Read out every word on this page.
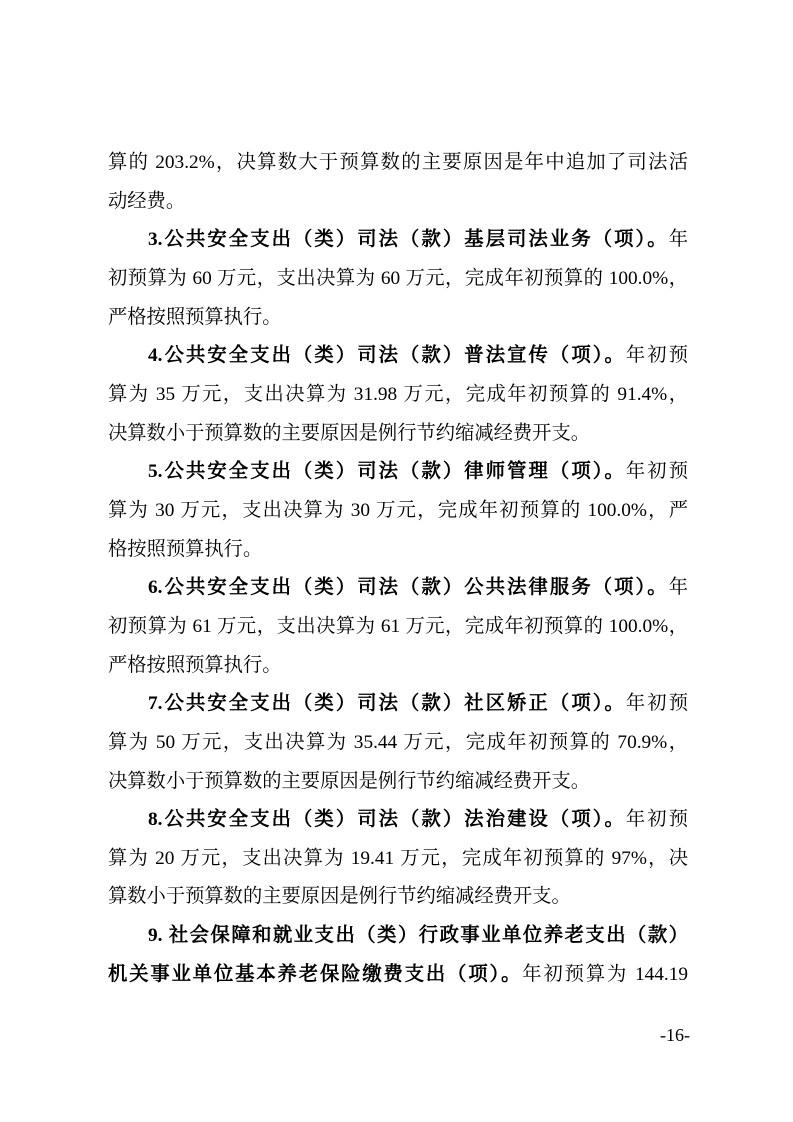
算的 203.2%，决算数大于预算数的主要原因是年中追加了司法活
动经费。
3.公共安全支出（类）司法（款）基层司法业务（项）。年
初预算为 60 万元，支出决算为 60 万元，完成年初预算的 100.0%，
严格按照预算执行。
4.公共安全支出（类）司法（款）普法宣传（项）。年初预
算为 35 万元，支出决算为 31.98 万元，完成年初预算的 91.4%，
决算数小于预算数的主要原因是例行节约缩减经费开支。
5.公共安全支出（类）司法（款）律师管理（项）。年初预
算为 30 万元，支出决算为 30 万元，完成年初预算的 100.0%，严
格按照预算执行。
6.公共安全支出（类）司法（款）公共法律服务（项）。年
初预算为 61 万元，支出决算为 61 万元，完成年初预算的 100.0%，
严格按照预算执行。
7.公共安全支出（类）司法（款）社区矫正（项）。年初预
算为 50 万元，支出决算为 35.44 万元，完成年初预算的 70.9%，
决算数小于预算数的主要原因是例行节约缩减经费开支。
8.公共安全支出（类）司法（款）法治建设（项）。年初预
算为 20 万元，支出决算为 19.41 万元，完成年初预算的 97%，决
算数小于预算数的主要原因是例行节约缩减经费开支。
9. 社会保障和就业支出（类）行政事业单位养老支出（款）
机关事业单位基本养老保险缴费支出（项）。年初预算为 144.19
-16-
